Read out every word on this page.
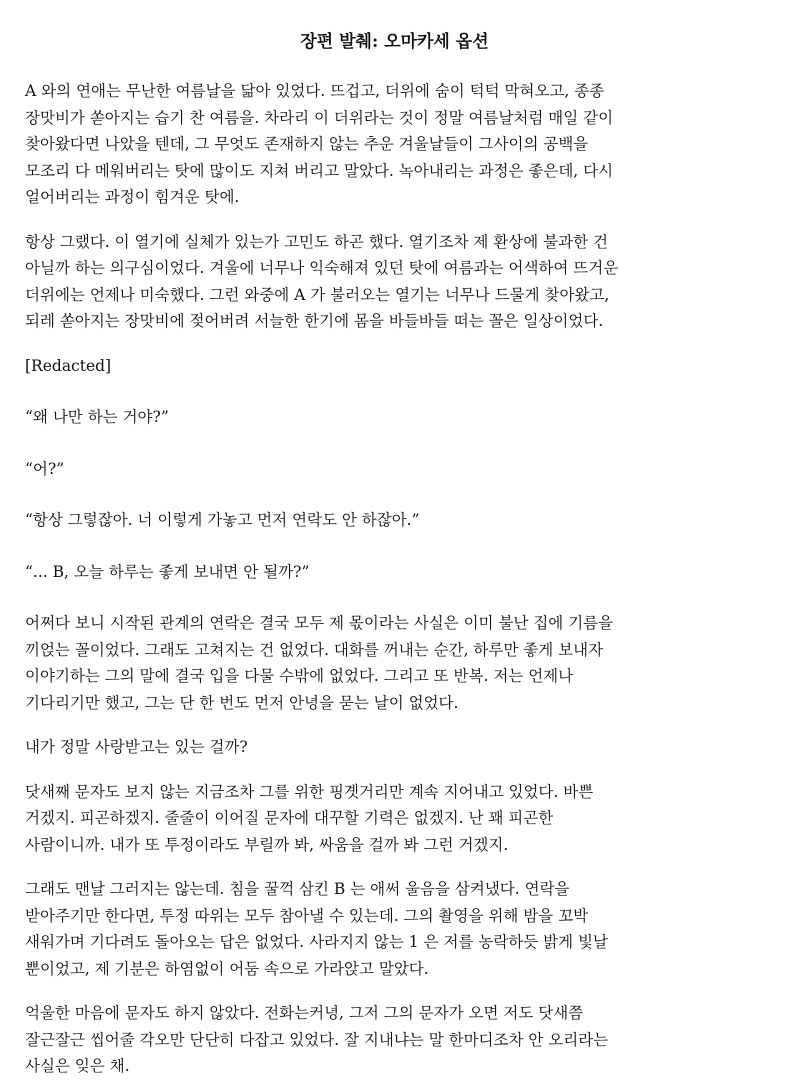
장편 발췌: 오마카세 옵션
A 와의 연애는 무난한 여름날을 닮아 있었다. 뜨겁고, 더위에 숨이 턱턱 막혀오고, 종종
장맛비가 쏟아지는 습기 찬 여름을. 차라리 이 더위라는 것이 정말 여름날처럼 매일 같이
찾아왔다면 나았을 텐데, 그 무엇도 존재하지 않는 추운 겨울날들이 그사이의 공백을
모조리 다 메워버리는 탓에 많이도 지쳐 버리고 말았다. 녹아내리는 과정은 좋은데, 다시
얼어버리는 과정이 힘겨운 탓에.
항상 그랬다. 이 열기에 실체가 있는가 고민도 하곤 했다. 열기조차 제 환상에 불과한 건
아닐까 하는 의구심이었다. 겨울에 너무나 익숙해져 있던 탓에 여름과는 어색하여 뜨거운
더위에는 언제나 미숙했다. 그런 와중에 A 가 불러오는 열기는 너무나 드물게 찾아왔고,
되레 쏟아지는 장맛비에 젖어버려 서늘한 한기에 몸을 바들바들 떠는 꼴은 일상이었다.
[Redacted]
“왜 나만 하는 거야?”
“어?”
“항상 그렇잖아. 너 이렇게 가놓고 먼저 연락도 안 하잖아.”
“... B, 오늘 하루는 좋게 보내면 안 될까?”
어쩌다 보니 시작된 관계의 연락은 결국 모두 제 몫이라는 사실은 이미 불난 집에 기름을
끼얹는 꼴이었다. 그래도 고쳐지는 건 없었다. 대화를 꺼내는 순간, 하루만 좋게 보내자
이야기하는 그의 말에 결국 입을 다물 수밖에 없었다. 그리고 또 반복. 저는 언제나
기다리기만 했고, 그는 단 한 번도 먼저 안녕을 묻는 날이 없었다.
내가 정말 사랑받고는 있는 걸까?
닷새째 문자도 보지 않는 지금조차 그를 위한 핑곗거리만 계속 지어내고 있었다. 바쁜
거겠지. 피곤하겠지. 줄줄이 이어질 문자에 대꾸할 기력은 없겠지. 난 꽤 피곤한
사람이니까. 내가 또 투정이라도 부릴까 봐, 싸움을 걸까 봐 그런 거겠지.
그래도 맨날 그러지는 않는데. 침을 꿀꺽 삼킨 B 는 애써 울음을 삼켜냈다. 연락을
받아주기만 한다면, 투정 따위는 모두 참아낼 수 있는데. 그의 촬영을 위해 밤을 꼬박
새워가며 기다려도 돌아오는 답은 없었다. 사라지지 않는 1 은 저를 농락하듯 밝게 빛날
뿐이었고, 제 기분은 하염없이 어둠 속으로 가라앉고 말았다.
억울한 마음에 문자도 하지 않았다. 전화는커녕, 그저 그의 문자가 오면 저도 닷새쯤
잘근잘근 씹어줄 각오만 단단히 다잡고 있었다. 잘 지내냐는 말 한마디조차 안 오리라는
사실은 잊은 채.
